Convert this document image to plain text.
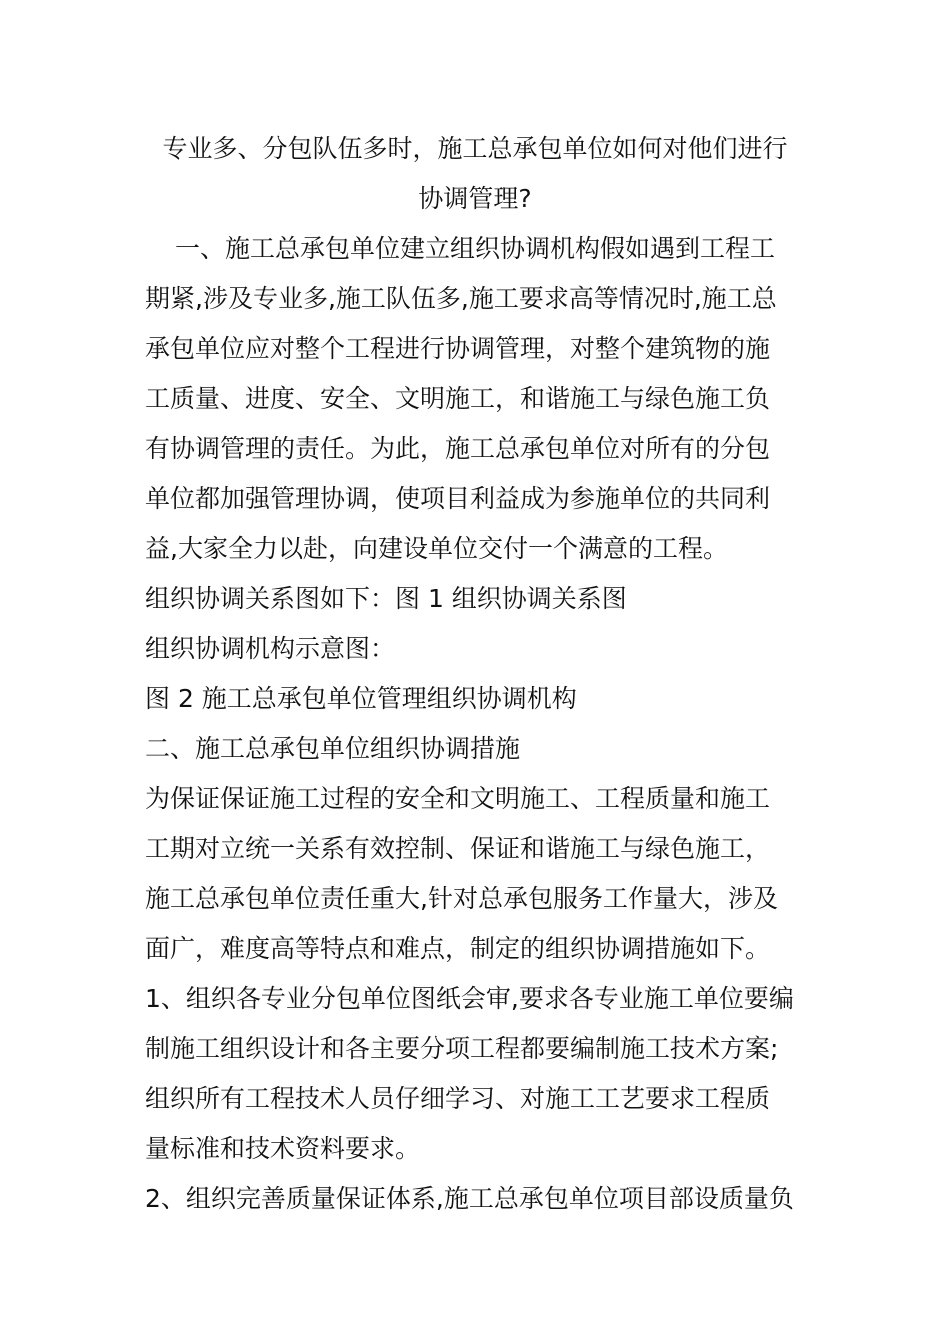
专业多、分包队伍多时，施工总承包单位如何对他们进行
协调管理?
一、施工总承包单位建立组织协调机构假如遇到工程工
期紧,涉及专业多,施工队伍多,施工要求高等情况时,施工总
承包单位应对整个工程进行协调管理，对整个建筑物的施
工质量、进度、安全、文明施工，和谐施工与绿色施工负
有协调管理的责任。为此，施工总承包单位对所有的分包
单位都加强管理协调，使项目利益成为参施单位的共同利
益,大家全力以赴，向建设单位交付一个满意的工程。
组织协调关系图如下：图 1 组织协调关系图
组织协调机构示意图：
图 2 施工总承包单位管理组织协调机构
二、施工总承包单位组织协调措施
为保证保证施工过程的安全和文明施工、工程质量和施工
工期对立统一关系有效控制、保证和谐施工与绿色施工，
施工总承包单位责任重大,针对总承包服务工作量大，涉及
面广，难度高等特点和难点，制定的组织协调措施如下。
1、组织各专业分包单位图纸会审,要求各专业施工单位要编
制施工组织设计和各主要分项工程都要编制施工技术方案;
组织所有工程技术人员仔细学习、对施工工艺要求工程质
量标准和技术资料要求。
2、组织完善质量保证体系,施工总承包单位项目部设质量负
